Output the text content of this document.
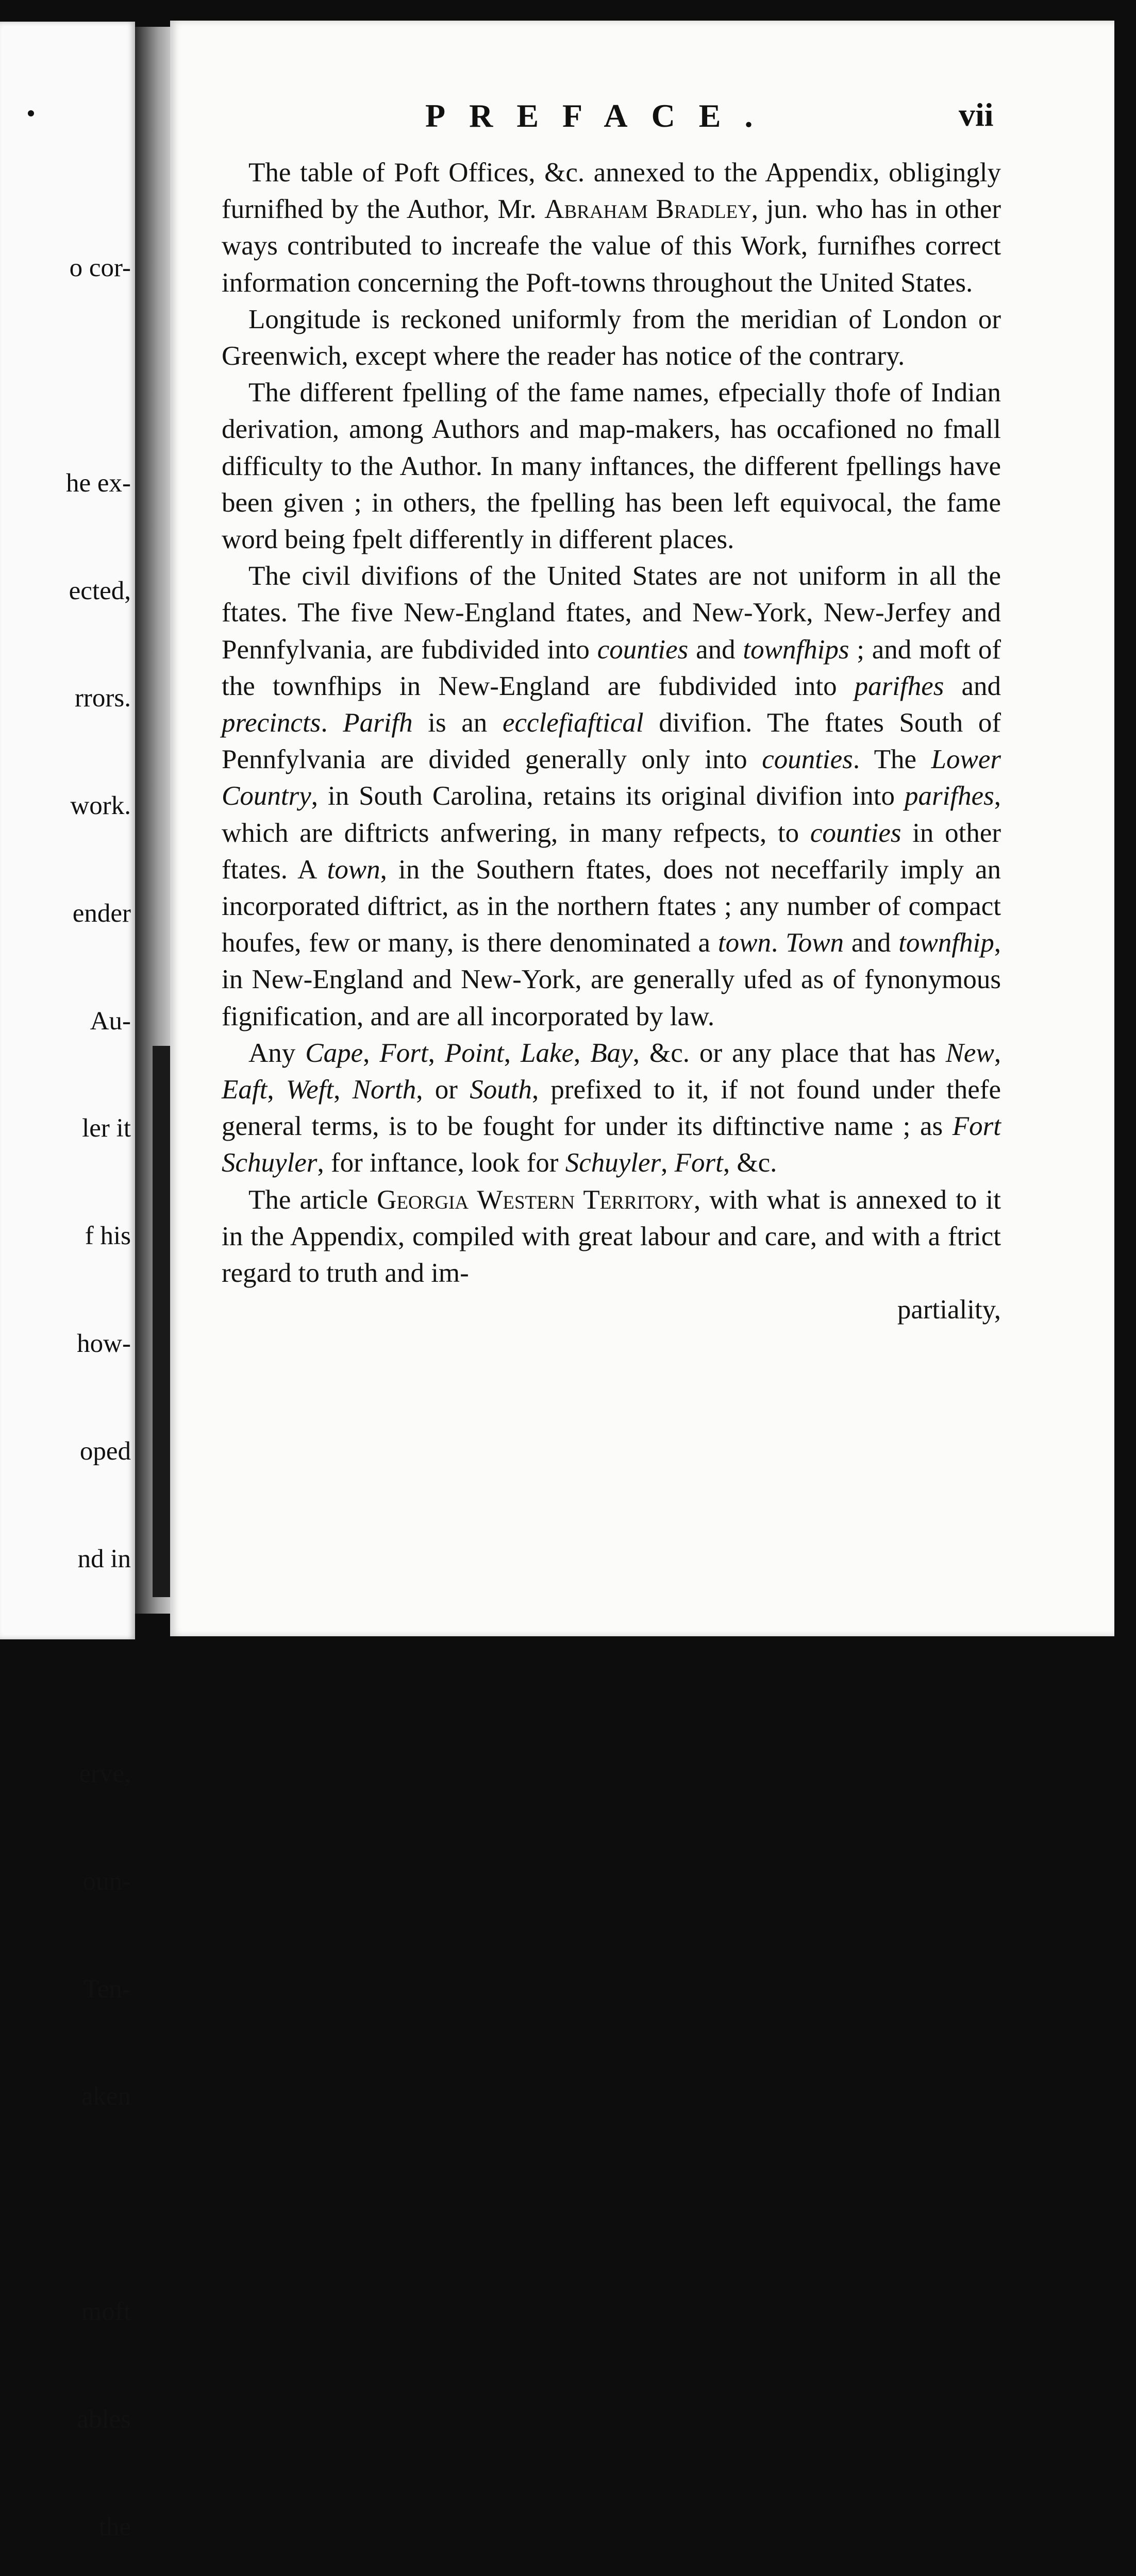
o cor-

he ex-

ected,

rrors.

work.

ender

Au-

ler it

f his

how-

oped

nd in

erve,

oun-

Ten-

aken

moft

ables

the

PREFACE.	vii

The table of Poft Offices, &c. annexed to the Appendix, obligingly furnifhed by the Author, Mr. Abraham Bradley, jun. who has in other ways contributed to increafe the value of this Work, furnifhes correct information concerning the Poft-towns throughout the United States.

Longitude is reckoned uniformly from the meridian of London or Greenwich, except where the reader has notice of the contrary.

The different fpelling of the fame names, efpecially thofe of Indian derivation, among Authors and map-makers, has occafioned no fmall difficulty to the Author. In many inftances, the different fpellings have been given ; in others, the fpelling has been left equivocal, the fame word being fpelt differently in different places.

The civil divifions of the United States are not uniform in all the ftates. The five New-England ftates, and New-York, New-Jerfey and Pennfylvania, are fubdivided into counties and townfhips ; and moft of the townfhips in New-England are fubdivided into parifhes and precincts. Parifh is an ecclefiaftical divifion. The ftates South of Pennfylvania are divided generally only into counties. The Lower Country, in South Carolina, retains its original divifion into parifhes, which are diftricts anfwering, in many refpects, to counties in other ftates. A town, in the Southern ftates, does not neceffarily imply an incorporated diftrict, as in the northern ftates ; any number of compact houfes, few or many, is there denominated a town. Town and townfhip, in New-England and New-York, are generally ufed as of fynonymous fignification, and are all incorporated by law.

Any Cape, Fort, Point, Lake, Bay, &c. or any place that has New, Eaft, Weft, North, or South, prefixed to it, if not found under thefe general terms, is to be fought for under its diftinctive name ; as Fort Schuyler, for inftance, look for Schuyler, Fort, &c.

The article Georgia Western Territory, with what is annexed to it in the Appendix, compiled with great labour and care, and with a ftrict regard to truth and im-

partiality,
